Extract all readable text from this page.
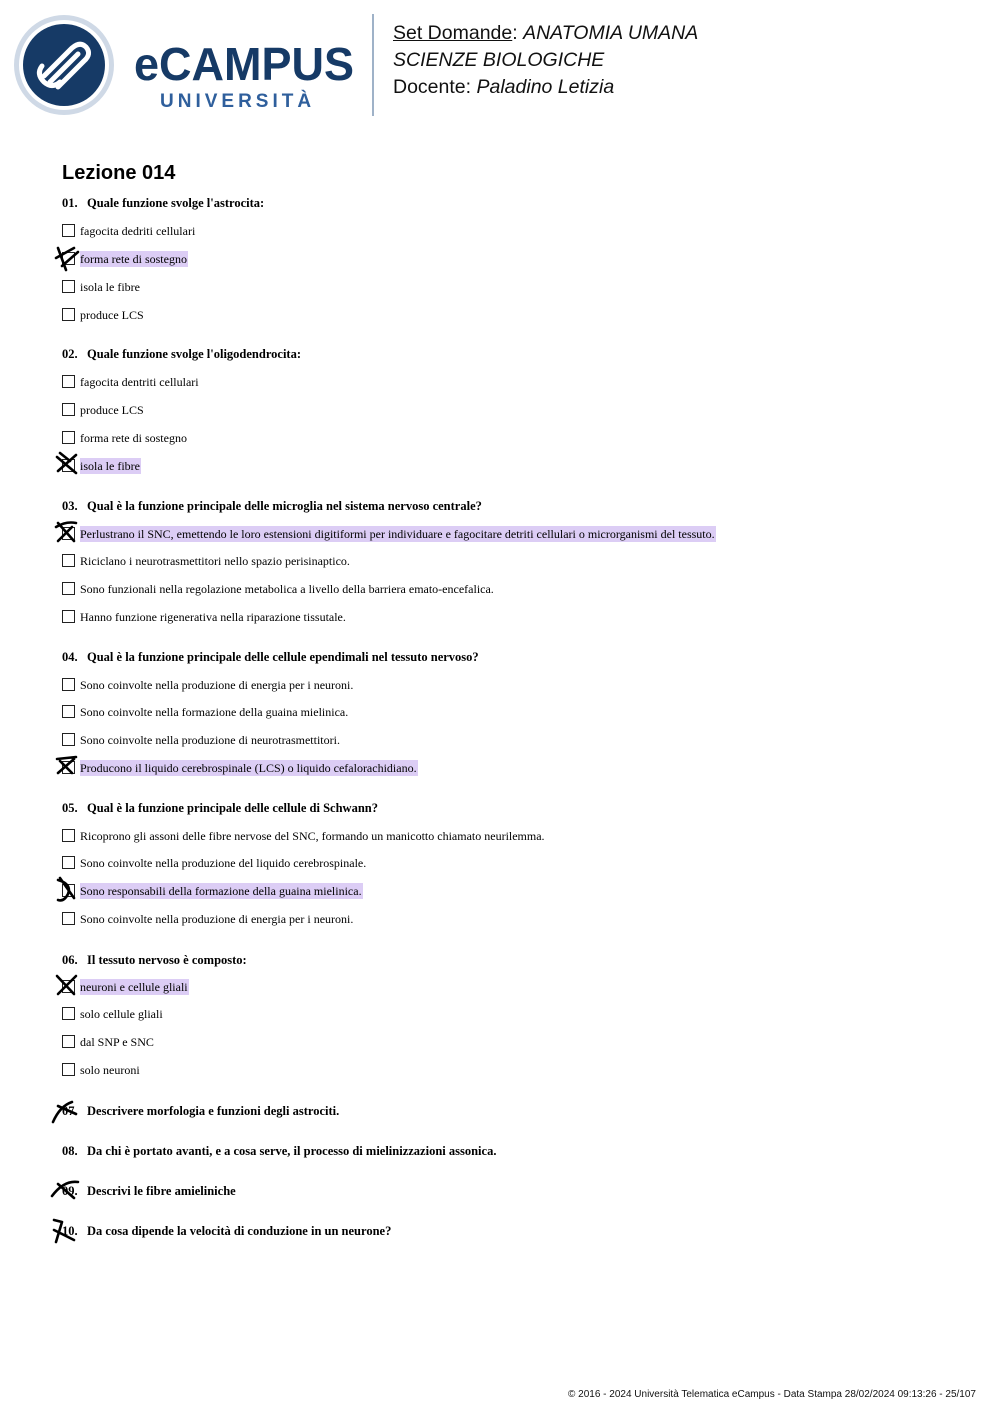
eCAMPUS
UNIVERSITÀ
Set Domande: ANATOMIA UMANA
SCIENZE BIOLOGICHE
Docente: Paladino Letizia
Lezione 014
01. Quale funzione svolge l'astrocita:
fagocita dedriti cellulari
forma rete di sostegno
isola le fibre
produce LCS
02. Quale funzione svolge l'oligodendrocita:
fagocita dentriti cellulari
produce LCS
forma rete di sostegno
isola le fibre
03. Qual è la funzione principale delle microglia nel sistema nervoso centrale?
Perlustrano il SNC, emettendo le loro estensioni digitiformi per individuare e fagocitare detriti cellulari o microrganismi del tessuto.
Riciclano i neurotrasmettitori nello spazio perisinaptico.
Sono funzionali nella regolazione metabolica a livello della barriera emato-encefalica.
Hanno funzione rigenerativa nella riparazione tissutale.
04. Qual è la funzione principale delle cellule ependimali nel tessuto nervoso?
Sono coinvolte nella produzione di energia per i neuroni.
Sono coinvolte nella formazione della guaina mielinica.
Sono coinvolte nella produzione di neurotrasmettitori.
Producono il liquido cerebrospinale (LCS) o liquido cefalorachidiano.
05. Qual è la funzione principale delle cellule di Schwann?
Ricoprono gli assoni delle fibre nervose del SNC, formando un manicotto chiamato neurilemma.
Sono coinvolte nella produzione del liquido cerebrospinale.
Sono responsabili della formazione della guaina mielinica.
Sono coinvolte nella produzione di energia per i neuroni.
06. Il tessuto nervoso è composto:
neuroni e cellule gliali
solo cellule gliali
dal SNP e SNC
solo neuroni
07. Descrivere morfologia e funzioni degli astrociti.
08. Da chi è portato avanti, e a cosa serve, il processo di mielinizzazioni assonica.
09. Descrivi le fibre amieliniche
10. Da cosa dipende la velocità di conduzione in un neurone?
© 2016 - 2024 Università Telematica eCampus - Data Stampa 28/02/2024 09:13:26 - 25/107
